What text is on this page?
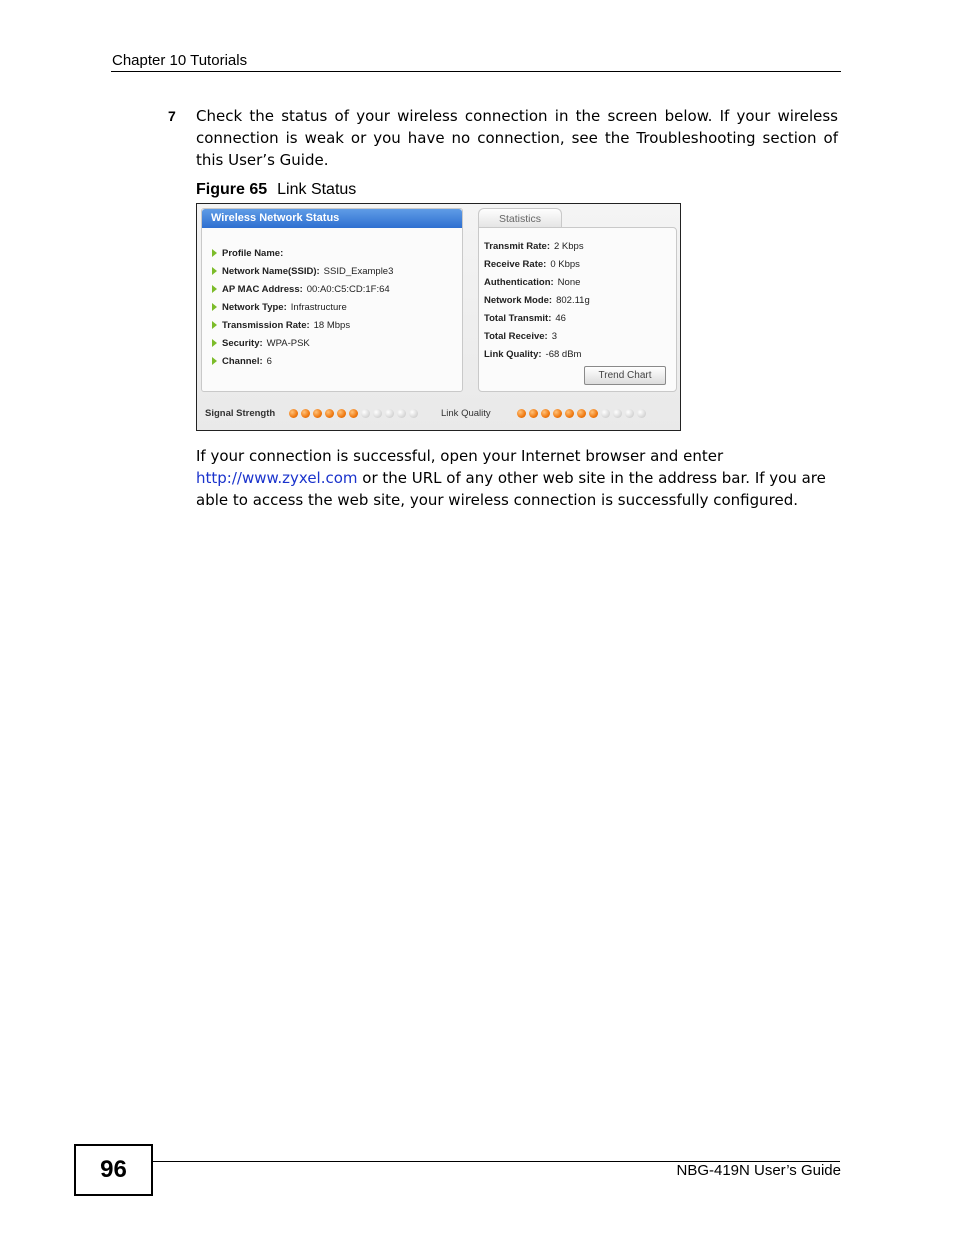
Chapter 10 Tutorials
7 Check the status of your wireless connection in the screen below. If your wireless connection is weak or you have no connection, see the Troubleshooting section of this User’s Guide.
Figure 65 Link Status
Wireless Network Status
Profile Name:
Network Name(SSID): SSID_Example3
AP MAC Address: 00:A0:C5:CD:1F:64
Network Type: Infrastructure
Transmission Rate: 18 Mbps
Security: WPA-PSK
Channel: 6
Statistics
Transmit Rate: 2 Kbps
Receive Rate: 0 Kbps
Authentication: None
Network Mode: 802.11g
Total Transmit: 46
Total Receive: 3
Link Quality: -68 dBm
Trend Chart
Signal Strength	Link Quality
If your connection is successful, open your Internet browser and enter http://www.zyxel.com or the URL of any other web site in the address bar. If you are able to access the web site, your wireless connection is successfully configured.
96	NBG-419N User’s Guide
